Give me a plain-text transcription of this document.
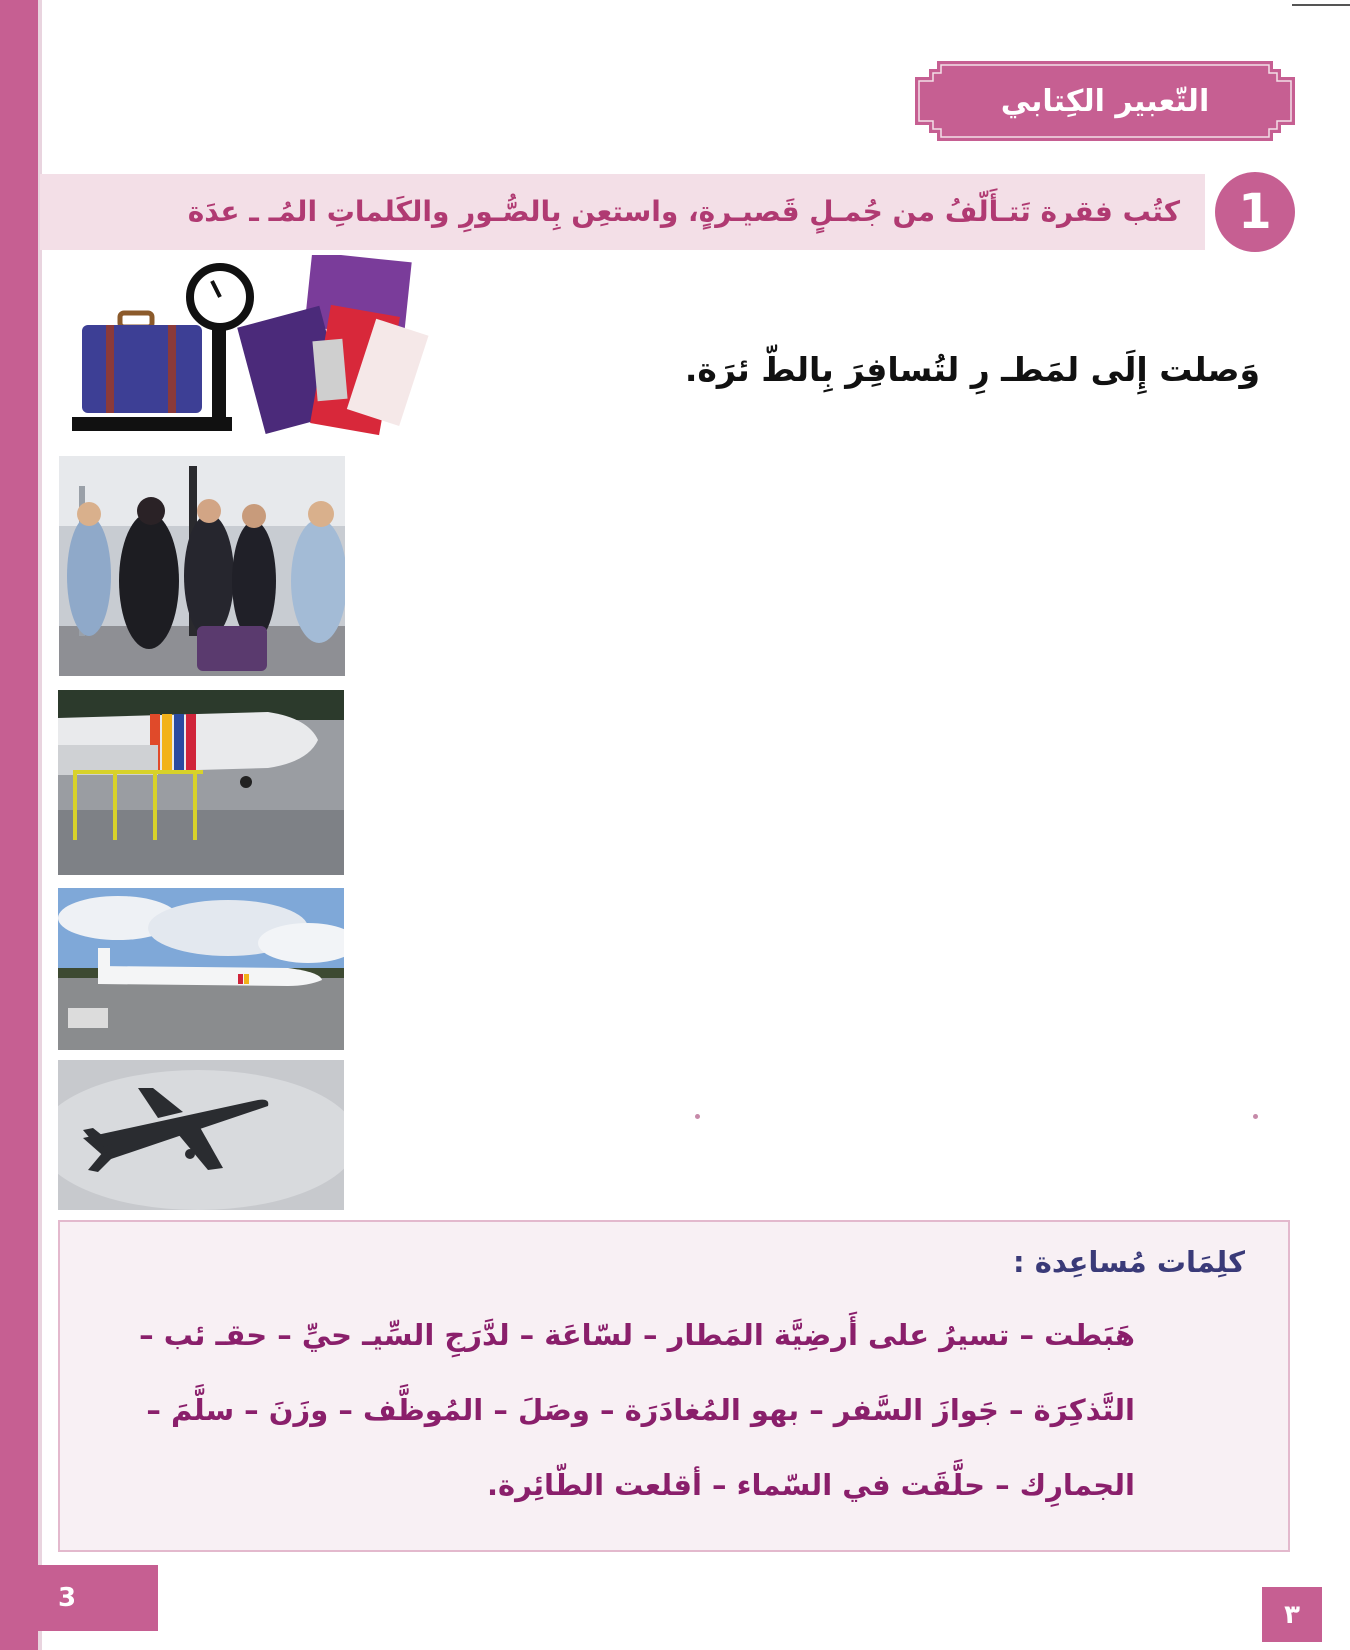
التّعبير الكِتابي
كتُب فقرة تَتـأَلّفُ من جُمـلٍ قَصيـرةٍ، واستعِن بِالصُّـورِ والكَلماتِ المُـ ـ عدَة	1
وَصلت إِلَى لمَطـ رِ لتُسافِرَ بِالطّ ئرَة.
كلِمَات مُساعِدة :
هَبَطت – تسيرُ على أَرضِيَّة المَطار – لسّاعَة – لدَّرَجِ السِّيـ حيِّ – حقـ ئب –
التَّذكِرَة – جَوازَ السَّفر – بهو المُغادَرَة – وصَلَ – المُوظَّف – وزَنَ – سلَّمَ –
الجمارِك – حلَّقَت في السّماء – أقلعت الطّائِرة.
3
٣
